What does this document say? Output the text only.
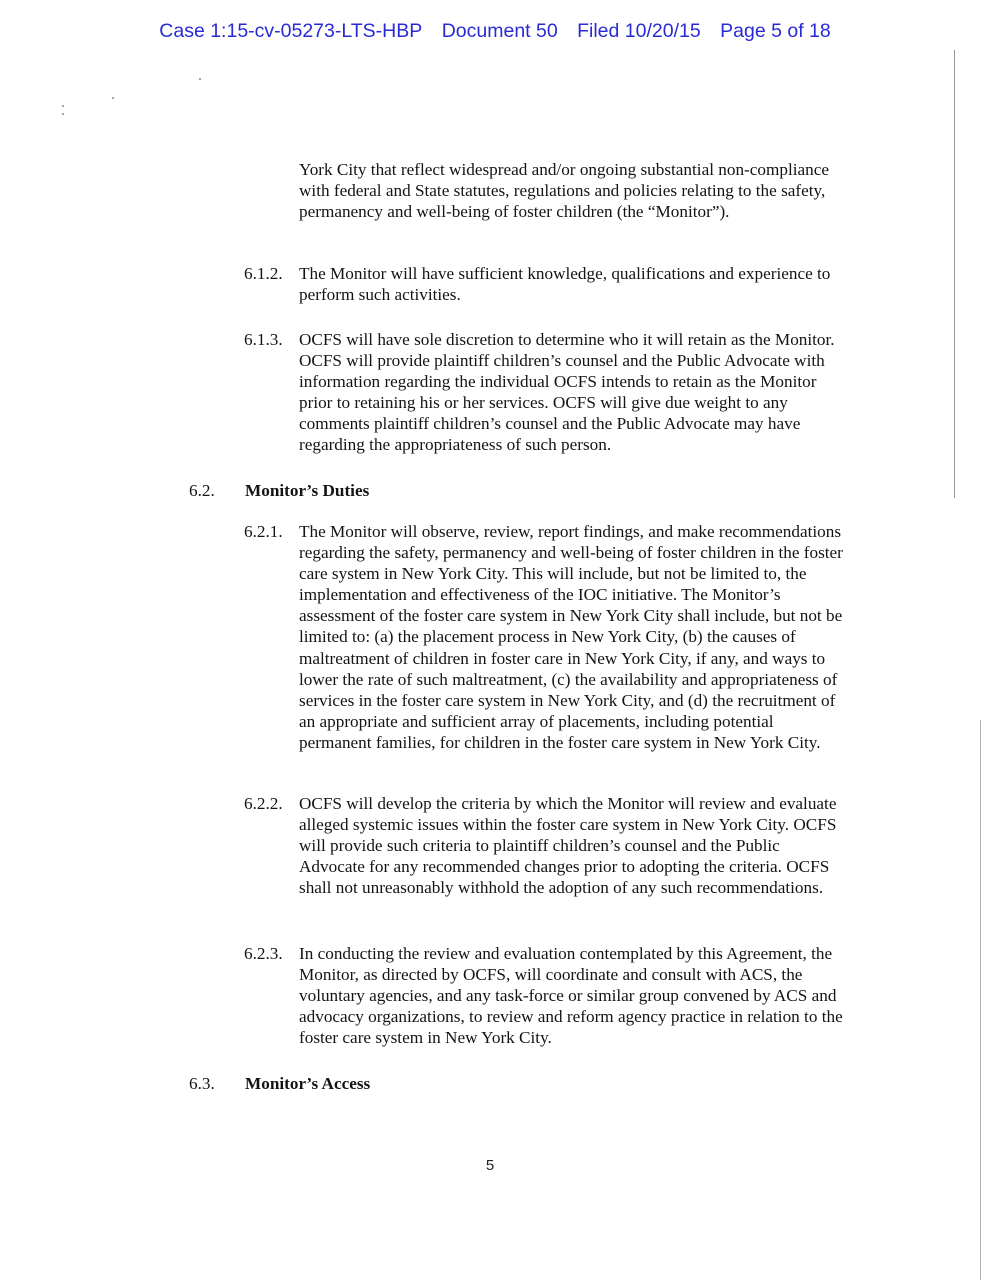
Case 1:15-cv-05273-LTS-HBP Document 50 Filed 10/20/15 Page 5 of 18
York City that reflect widespread and/or ongoing substantial non-compliance with federal and State statutes, regulations and policies relating to the safety, permanency and well-being of foster children (the “Monitor”).
6.1.2. The Monitor will have sufficient knowledge, qualifications and experience to perform such activities.
6.1.3. OCFS will have sole discretion to determine who it will retain as the Monitor. OCFS will provide plaintiff children’s counsel and the Public Advocate with information regarding the individual OCFS intends to retain as the Monitor prior to retaining his or her services. OCFS will give due weight to any comments plaintiff children’s counsel and the Public Advocate may have regarding the appropriateness of such person.
6.2. Monitor’s Duties
6.2.1. The Monitor will observe, review, report findings, and make recommendations regarding the safety, permanency and well-being of foster children in the foster care system in New York City. This will include, but not be limited to, the implementation and effectiveness of the IOC initiative. The Monitor’s assessment of the foster care system in New York City shall include, but not be limited to: (a) the placement process in New York City, (b) the causes of maltreatment of children in foster care in New York City, if any, and ways to lower the rate of such maltreatment, (c) the availability and appropriateness of services in the foster care system in New York City, and (d) the recruitment of an appropriate and sufficient array of placements, including potential permanent families, for children in the foster care system in New York City.
6.2.2. OCFS will develop the criteria by which the Monitor will review and evaluate alleged systemic issues within the foster care system in New York City. OCFS will provide such criteria to plaintiff children’s counsel and the Public Advocate for any recommended changes prior to adopting the criteria. OCFS shall not unreasonably withhold the adoption of any such recommendations.
6.2.3. In conducting the review and evaluation contemplated by this Agreement, the Monitor, as directed by OCFS, will coordinate and consult with ACS, the voluntary agencies, and any task-force or similar group convened by ACS and advocacy organizations, to review and reform agency practice in relation to the foster care system in New York City.
6.3. Monitor’s Access
5
